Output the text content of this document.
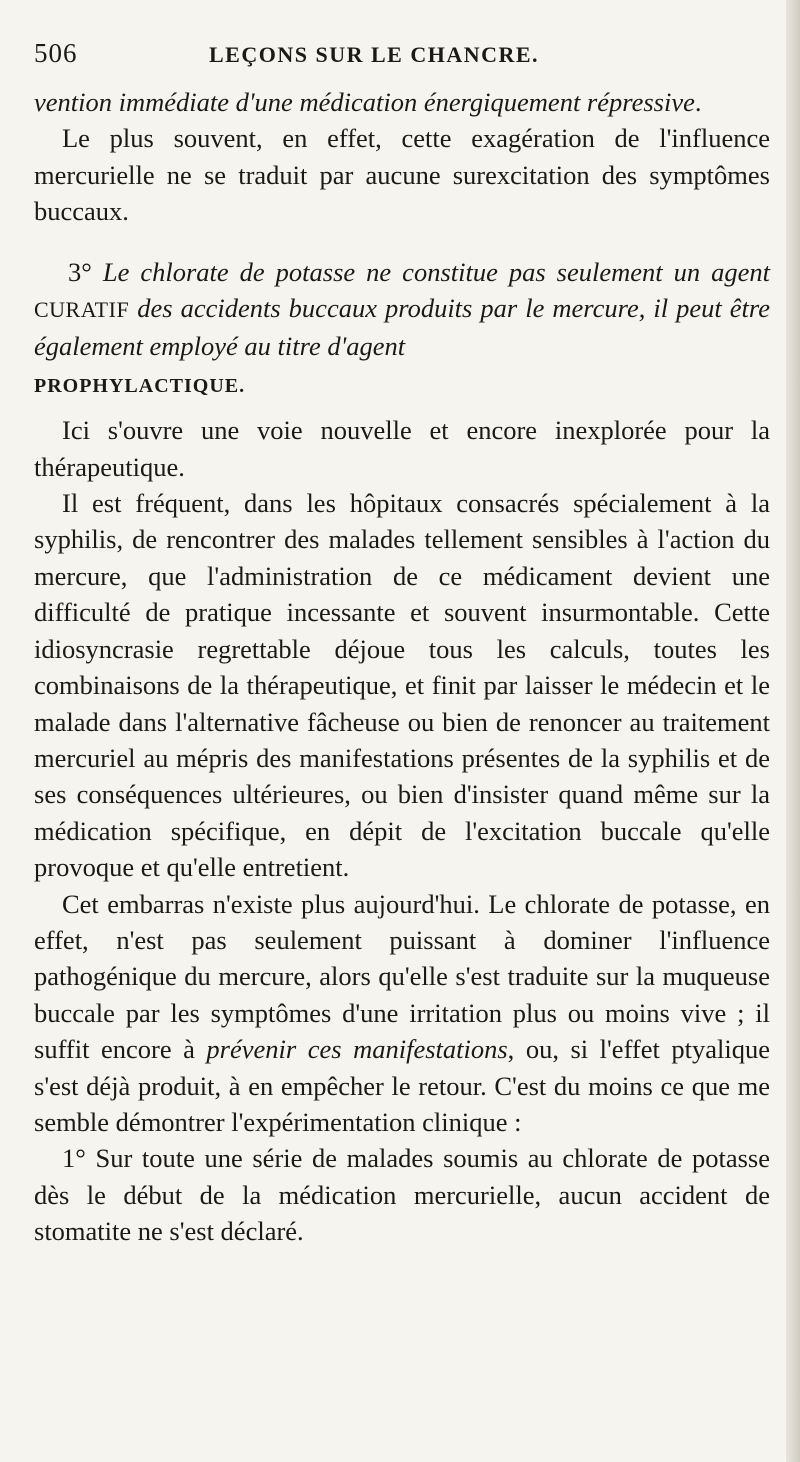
506	LEÇONS SUR LE CHANCRE.

vention immédiate d'une médication énergiquement répressive.

Le plus souvent, en effet, cette exagération de l'influence mercurielle ne se traduit par aucune surexcitation des symptômes buccaux.

3° Le chlorate de potasse ne constitue pas seulement un agent CURATIF des accidents buccaux produits par le mercure, il peut être également employé au titre d'agent
PROPHYLACTIQUE.

Ici s'ouvre une voie nouvelle et encore inexplorée pour la thérapeutique.

Il est fréquent, dans les hôpitaux consacrés spécialement à la syphilis, de rencontrer des malades tellement sensibles à l'action du mercure, que l'administration de ce médicament devient une difficulté de pratique incessante et souvent insurmontable. Cette idiosyncrasie regrettable déjoue tous les calculs, toutes les combinaisons de la thérapeutique, et finit par laisser le médecin et le malade dans l'alternative fâcheuse ou bien de renoncer au traitement mercuriel au mépris des manifestations présentes de la syphilis et de ses conséquences ultérieures, ou bien d'insister quand même sur la médication spécifique, en dépit de l'excitation buccale qu'elle provoque et qu'elle entretient.

Cet embarras n'existe plus aujourd'hui. Le chlorate de potasse, en effet, n'est pas seulement puissant à dominer l'influence pathogénique du mercure, alors qu'elle s'est traduite sur la muqueuse buccale par les symptômes d'une irritation plus ou moins vive ; il suffit encore à prévenir ces manifestations, ou, si l'effet ptyalique s'est déjà produit, à en empêcher le retour. C'est du moins ce que me semble démontrer l'expérimentation clinique :

1° Sur toute une série de malades soumis au chlorate de potasse dès le début de la médication mercurielle, aucun accident de stomatite ne s'est déclaré.
